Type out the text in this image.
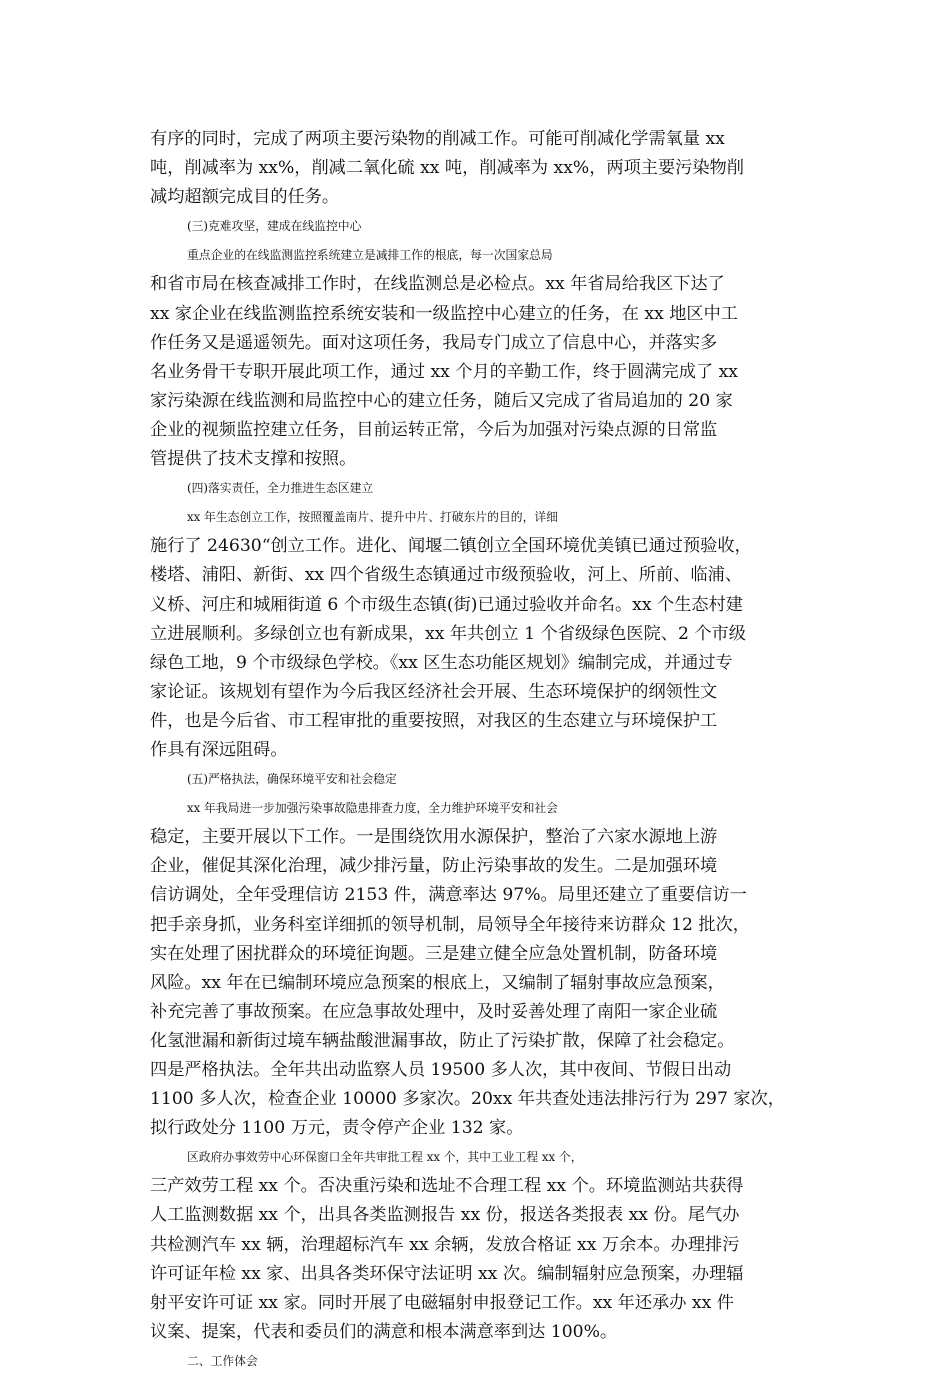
有序的同时，完成了两项主要污染物的削减工作。可能可削减化学需氧量 xx
吨，削减率为 xx%，削减二氧化硫 xx 吨，削减率为 xx%，两项主要污染物削
减均超额完成目的任务。
(三)克难攻坚，建成在线监控中心
重点企业的在线监测监控系统建立是减排工作的根底，每一次国家总局
和省市局在核查减排工作时，在线监测总是必检点。xx 年省局给我区下达了
xx 家企业在线监测监控系统安装和一级监控中心建立的任务，在 xx 地区中工
作任务又是遥遥领先。面对这项任务，我局专门成立了信息中心，并落实多
名业务骨干专职开展此项工作，通过 xx 个月的辛勤工作，终于圆满完成了 xx
家污染源在线监测和局监控中心的建立任务，随后又完成了省局追加的 20 家
企业的视频监控建立任务，目前运转正常，今后为加强对污染点源的日常监
管提供了技术支撑和按照。
(四)落实责任，全力推进生态区建立
xx 年生态创立工作，按照覆盖南片、提升中片、打破东片的目的，详细
施行了 24630“创立工作。进化、闻堰二镇创立全国环境优美镇已通过预验收，
楼塔、浦阳、新街、xx 四个省级生态镇通过市级预验收，河上、所前、临浦、
义桥、河庄和城厢街道 6 个市级生态镇(街)已通过验收并命名。xx 个生态村建
立进展顺利。多绿创立也有新成果，xx 年共创立 1 个省级绿色医院、2 个市级
绿色工地，9 个市级绿色学校。《xx 区生态功能区规划》编制完成，并通过专
家论证。该规划有望作为今后我区经济社会开展、生态环境保护的纲领性文
件，也是今后省、市工程审批的重要按照，对我区的生态建立与环境保护工
作具有深远阻碍。
(五)严格执法，确保环境平安和社会稳定
xx 年我局进一步加强污染事故隐患排查力度，全力维护环境平安和社会
稳定，主要开展以下工作。一是围绕饮用水源保护，整治了六家水源地上游
企业，催促其深化治理，减少排污量，防止污染事故的发生。二是加强环境
信访调处，全年受理信访 2153 件，满意率达 97%。局里还建立了重要信访一
把手亲身抓，业务科室详细抓的领导机制，局领导全年接待来访群众 12 批次，
实在处理了困扰群众的环境征询题。三是建立健全应急处置机制，防备环境
风险。xx 年在已编制环境应急预案的根底上，又编制了辐射事故应急预案，
补充完善了事故预案。在应急事故处理中，及时妥善处理了南阳一家企业硫
化氢泄漏和新街过境车辆盐酸泄漏事故，防止了污染扩散，保障了社会稳定。
四是严格执法。全年共出动监察人员 19500 多人次，其中夜间、节假日出动
1100 多人次，检查企业 10000 多家次。20xx 年共查处违法排污行为 297 家次，
拟行政处分 1100 万元，责令停产企业 132 家。
区政府办事效劳中心环保窗口全年共审批工程 xx 个，其中工业工程 xx 个，
三产效劳工程 xx 个。否决重污染和选址不合理工程 xx 个。环境监测站共获得
人工监测数据 xx 个，出具各类监测报告 xx 份，报送各类报表 xx 份。尾气办
共检测汽车 xx 辆，治理超标汽车 xx 余辆，发放合格证 xx 万余本。办理排污
许可证年检 xx 家、出具各类环保守法证明 xx 次。编制辐射应急预案，办理辐
射平安许可证 xx 家。同时开展了电磁辐射申报登记工作。xx 年还承办 xx 件
议案、提案，代表和委员们的满意和根本满意率到达 100%。
二、工作体会
